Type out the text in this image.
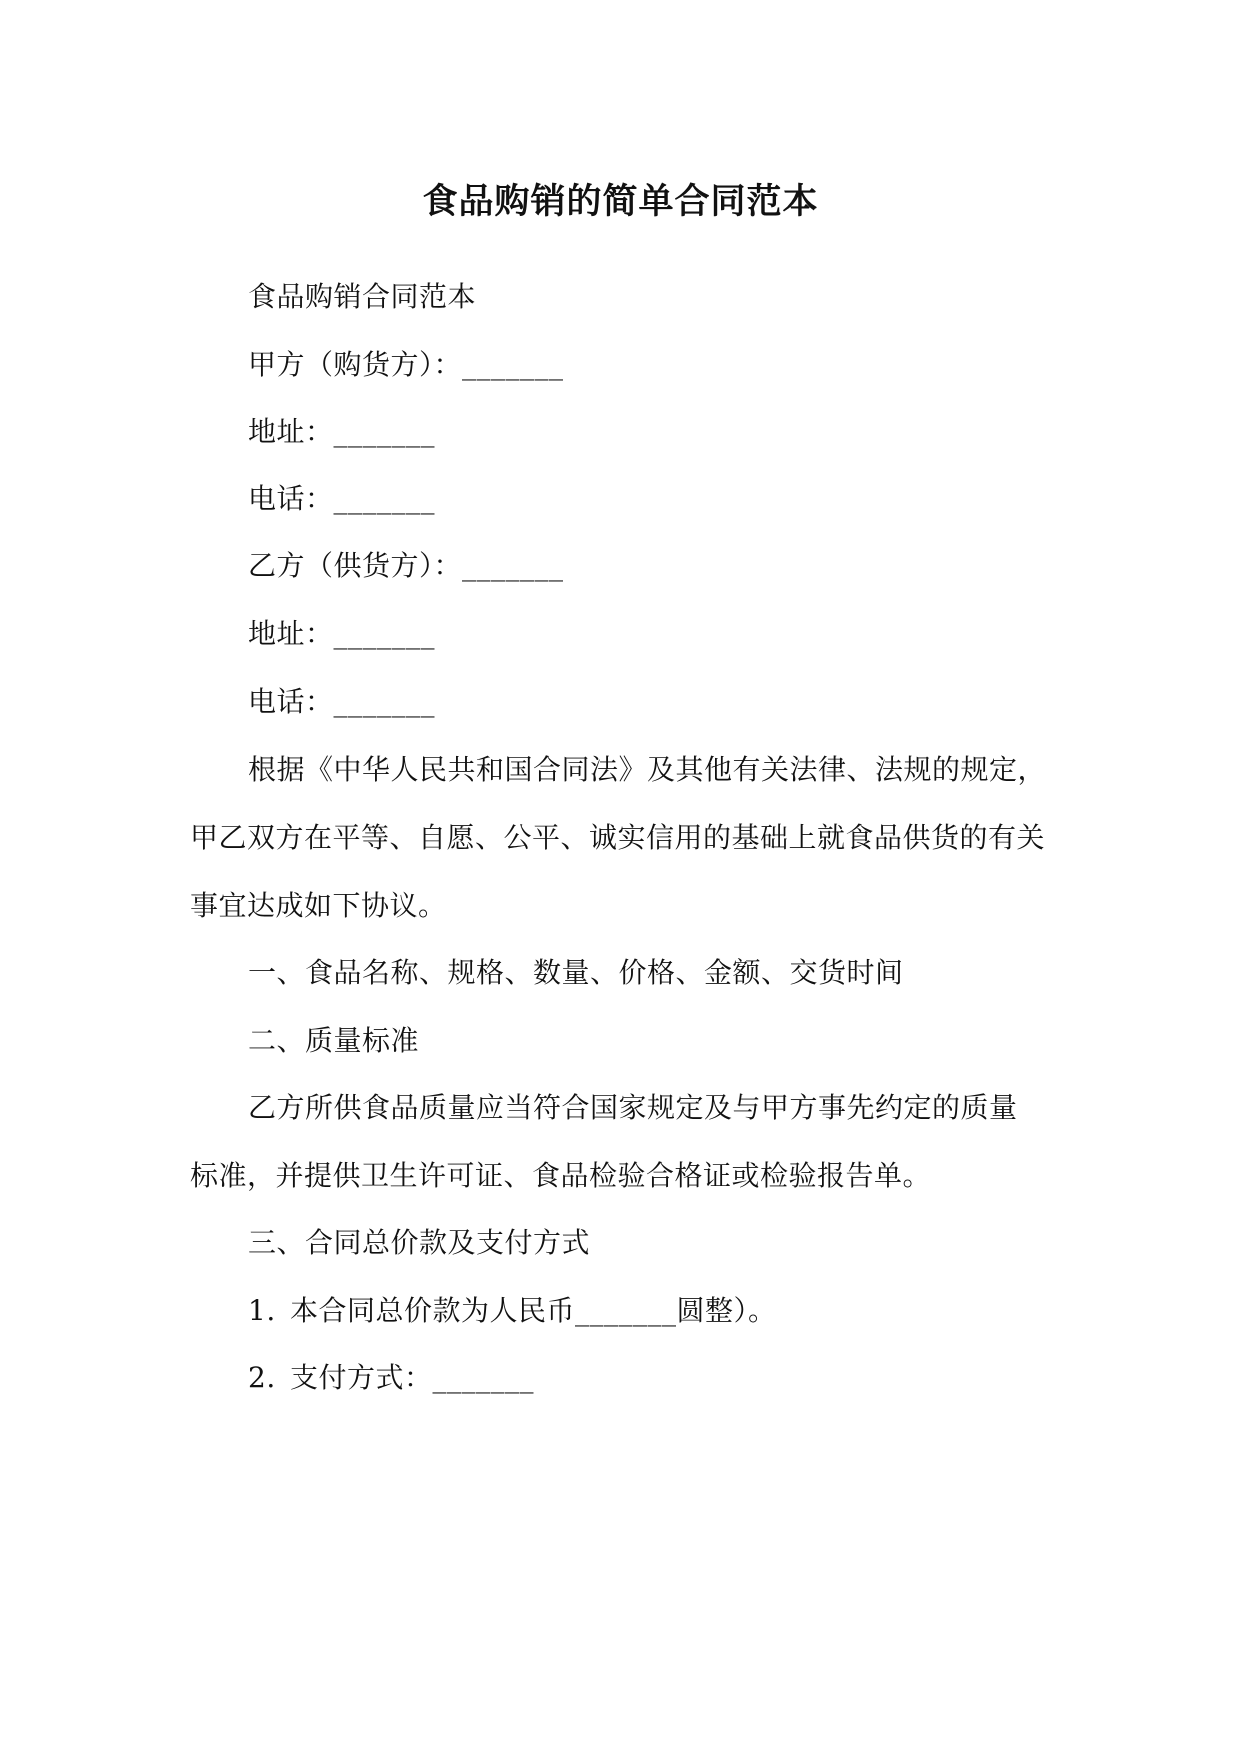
食品购销的简单合同范本
食品购销合同范本
甲方（购货方）：_______
地址：_______
电话：_______
乙方（供货方）：_______
地址：_______
电话：_______
根据《中华人民共和国合同法》及其他有关法律、法规的规定，
甲乙双方在平等、自愿、公平、诚实信用的基础上就食品供货的有关
事宜达成如下协议。
一、食品名称、规格、数量、价格、金额、交货时间
二、质量标准
乙方所供食品质量应当符合国家规定及与甲方事先约定的质量
标准，并提供卫生许可证、食品检验合格证或检验报告单。
三、合同总价款及支付方式
1. 本合同总价款为人民币_______圆整）。
2. 支付方式：_______
